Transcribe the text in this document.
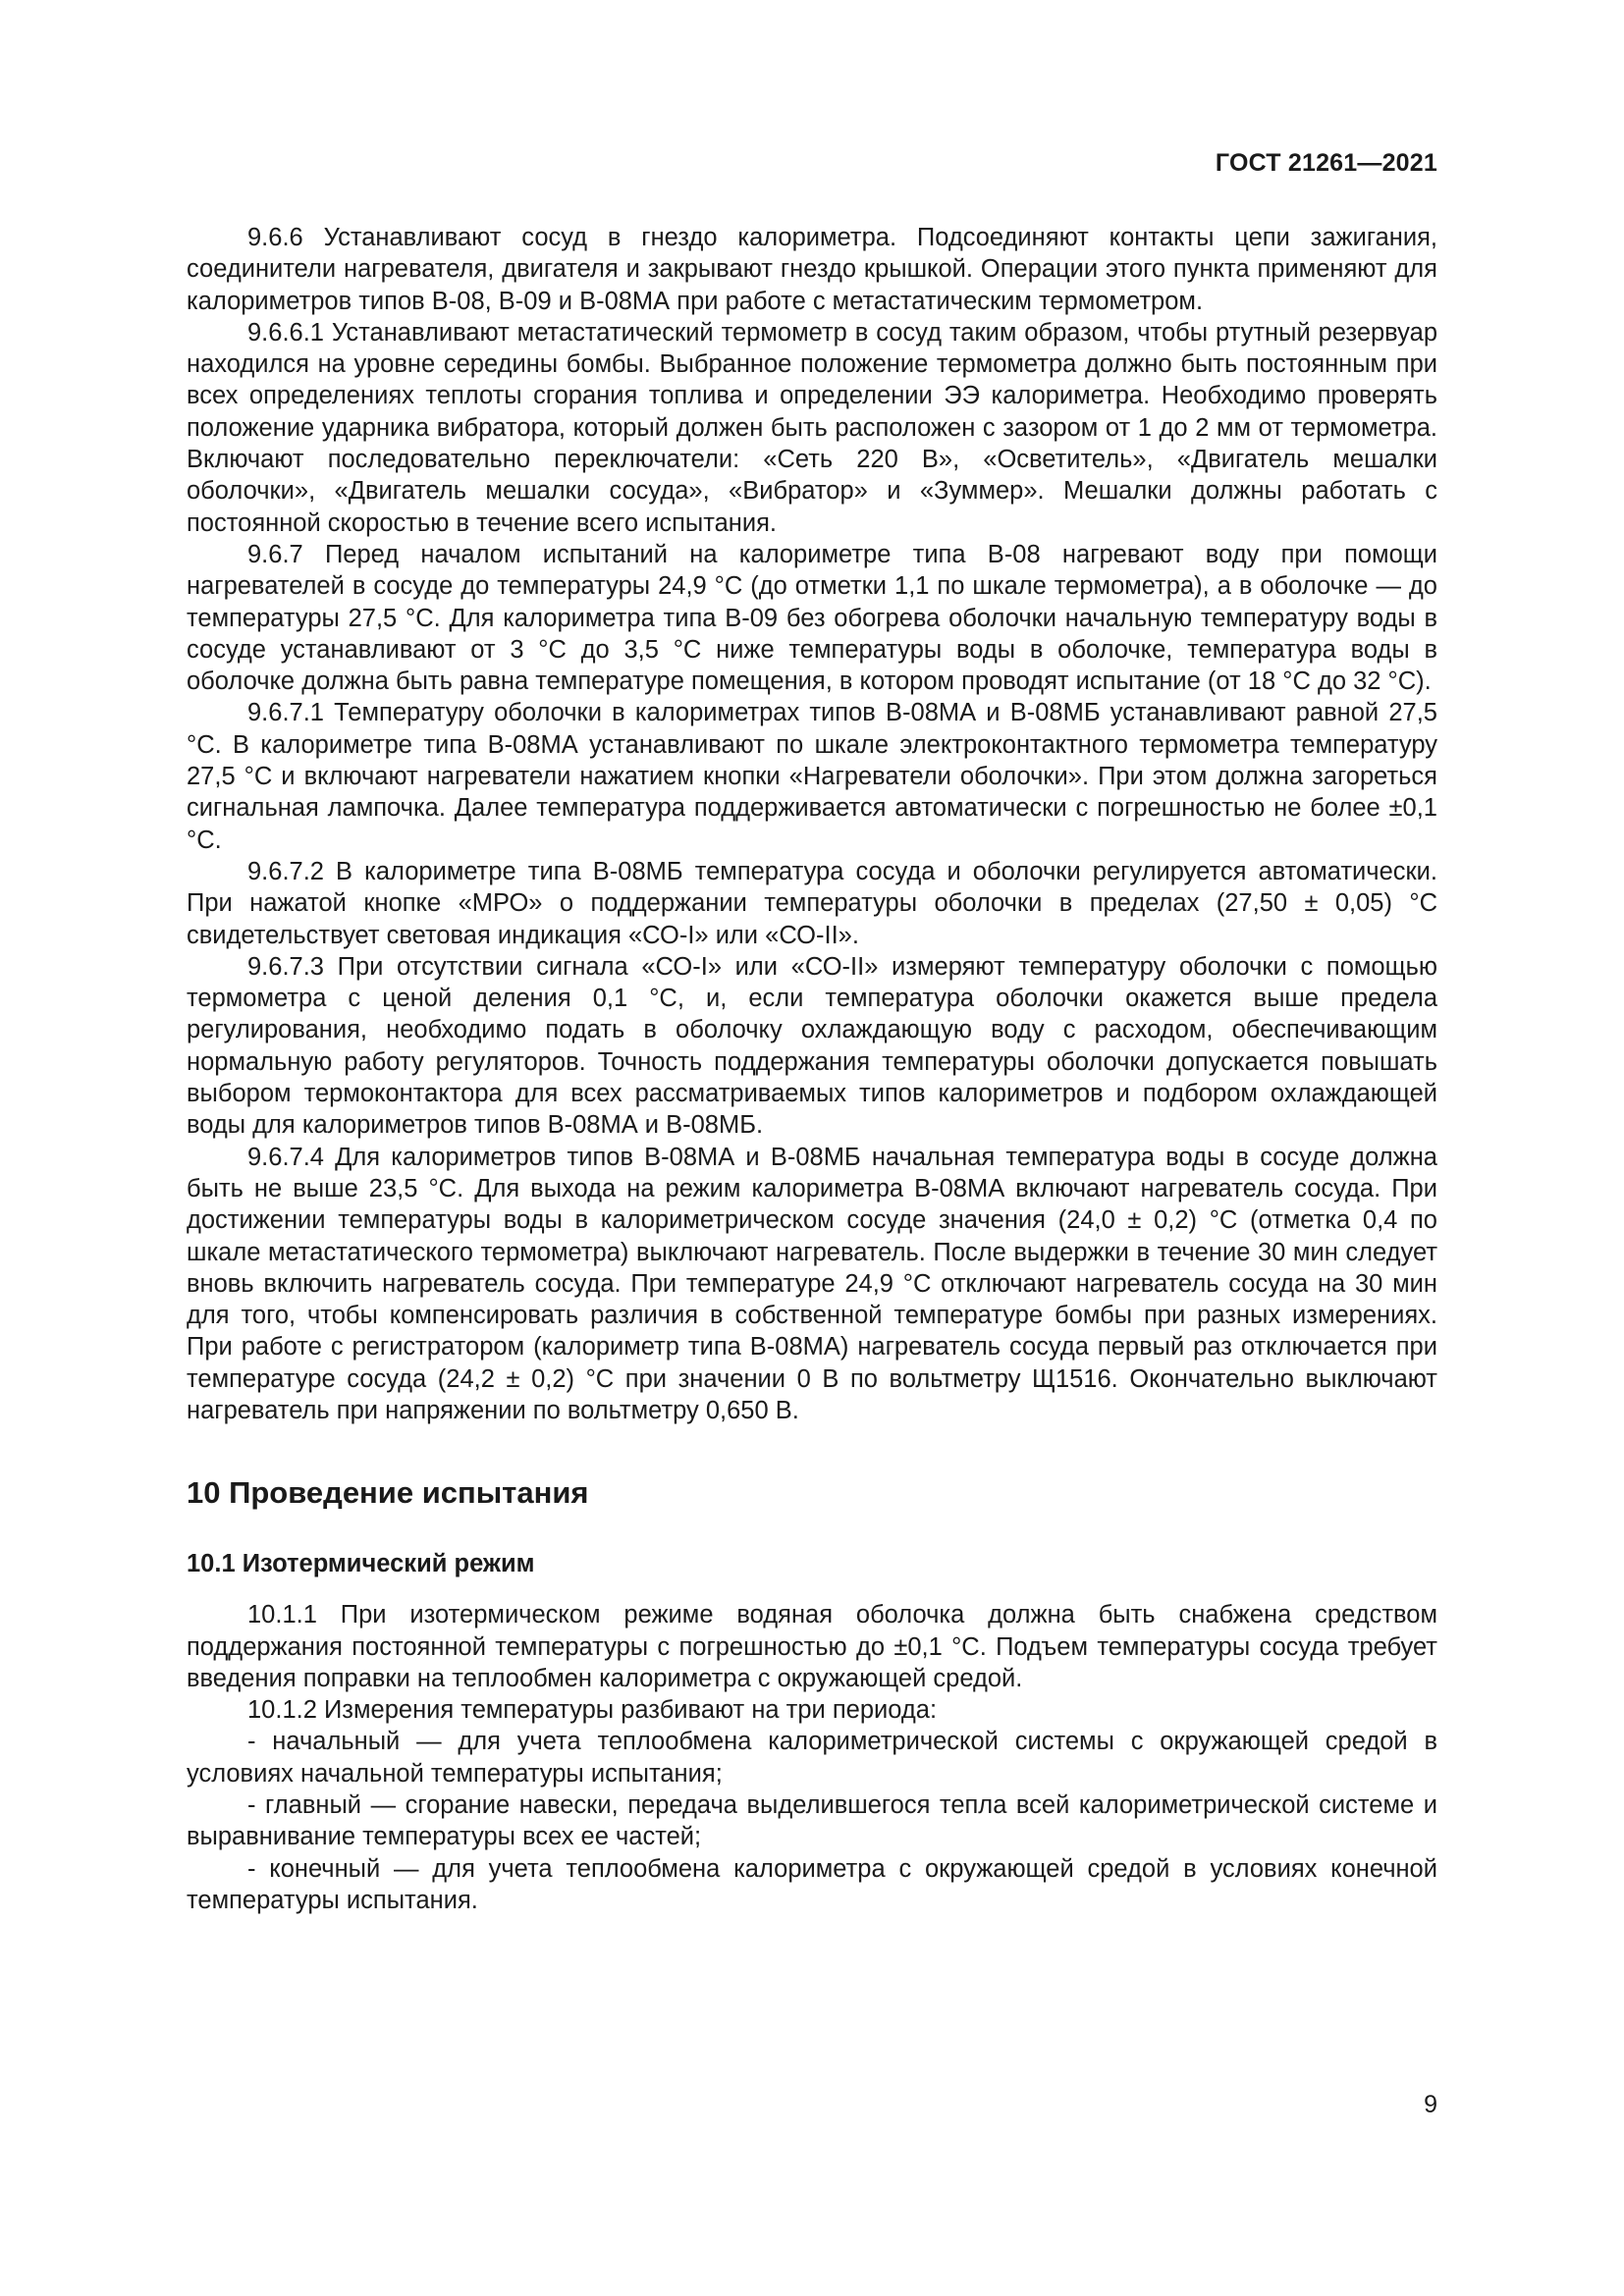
ГОСТ 21261—2021

9.6.6 Устанавливают сосуд в гнездо калориметра. Подсоединяют контакты цепи зажигания, соединители нагревателя, двигателя и закрывают гнездо крышкой. Операции этого пункта применяют для калориметров типов В-08, В-09 и В-08МА при работе с метастатическим термометром.

9.6.6.1 Устанавливают метастатический термометр в сосуд таким образом, чтобы ртутный резервуар находился на уровне середины бомбы. Выбранное положение термометра должно быть постоянным при всех определениях теплоты сгорания топлива и определении ЭЭ калориметра. Необходимо проверять положение ударника вибратора, который должен быть расположен с зазором от 1 до 2 мм от термометра. Включают последовательно переключатели: «Сеть 220 В», «Осветитель», «Двигатель мешалки оболочки», «Двигатель мешалки сосуда», «Вибратор» и «Зуммер». Мешалки должны работать с постоянной скоростью в течение всего испытания.

9.6.7 Перед началом испытаний на калориметре типа В-08 нагревают воду при помощи нагревателей в сосуде до температуры 24,9 °С (до отметки 1,1 по шкале термометра), а в оболочке — до температуры 27,5 °С. Для калориметра типа В-09 без обогрева оболочки начальную температуру воды в сосуде устанавливают от 3 °С до 3,5 °С ниже температуры воды в оболочке, температура воды в оболочке должна быть равна температуре помещения, в котором проводят испытание (от 18 °С до 32 °С).

9.6.7.1 Температуру оболочки в калориметрах типов В-08МА и В-08МБ устанавливают равной 27,5 °С. В калориметре типа В-08МА устанавливают по шкале электроконтактного термометра температуру 27,5 °С и включают нагреватели нажатием кнопки «Нагреватели оболочки». При этом должна загореться сигнальная лампочка. Далее температура поддерживается автоматически с погрешностью не более ±0,1 °С.

9.6.7.2 В калориметре типа В-08МБ температура сосуда и оболочки регулируется автоматически. При нажатой кнопке «МРО» о поддержании температуры оболочки в пределах (27,50 ± 0,05) °С свидетельствует световая индикация «СО-I» или «СО-II».

9.6.7.3 При отсутствии сигнала «СО-I» или «СО-II» измеряют температуру оболочки с помощью термометра с ценой деления 0,1 °С, и, если температура оболочки окажется выше предела регулирования, необходимо подать в оболочку охлаждающую воду с расходом, обеспечивающим нормальную работу регуляторов. Точность поддержания температуры оболочки допускается повышать выбором термоконтактора для всех рассматриваемых типов калориметров и подбором охлаждающей воды для калориметров типов В-08МА и В-08МБ.

9.6.7.4 Для калориметров типов В-08МА и В-08МБ начальная температура воды в сосуде должна быть не выше 23,5 °С. Для выхода на режим калориметра В-08МА включают нагреватель сосуда. При достижении температуры воды в калориметрическом сосуде значения (24,0 ± 0,2) °С (отметка 0,4 по шкале метастатического термометра) выключают нагреватель. После выдержки в течение 30 мин следует вновь включить нагреватель сосуда. При температуре 24,9 °С отключают нагреватель сосуда на 30 мин для того, чтобы компенсировать различия в собственной температуре бомбы при разных измерениях. При работе с регистратором (калориметр типа В-08МА) нагреватель сосуда первый раз отключается при температуре сосуда (24,2 ± 0,2) °С при значении 0 В по вольтметру Щ1516. Окончательно выключают нагреватель при напряжении по вольтметру 0,650 В.

10 Проведение испытания
10.1 Изотермический режим

10.1.1 При изотермическом режиме водяная оболочка должна быть снабжена средством поддержания постоянной температуры с погрешностью до ±0,1 °С. Подъем температуры сосуда требует введения поправки на теплообмен калориметра с окружающей средой.

10.1.2 Измерения температуры разбивают на три периода:

- начальный — для учета теплообмена калориметрической системы с окружающей средой в условиях начальной температуры испытания;

- главный — сгорание навески, передача выделившегося тепла всей калориметрической системе и выравнивание температуры всех ее частей;

- конечный — для учета теплообмена калориметра с окружающей средой в условиях конечной температуры испытания.

9
